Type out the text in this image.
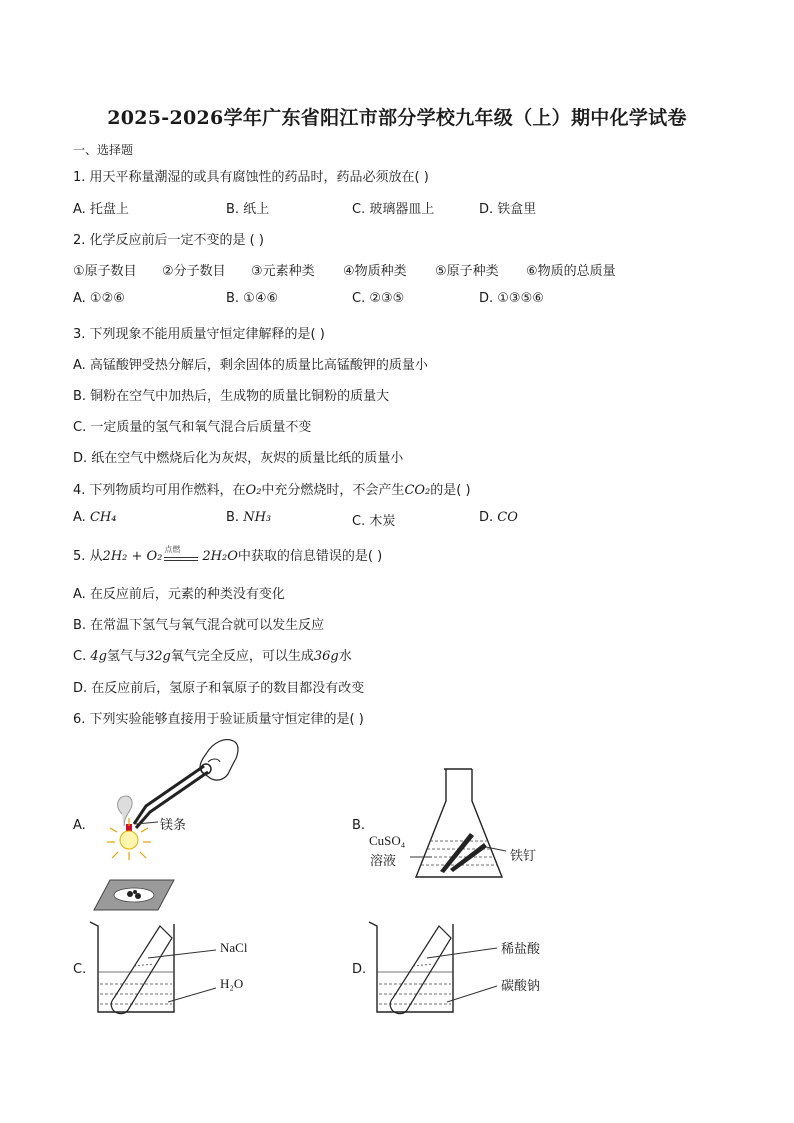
2025-2026学年广东省阳江市部分学校九年级（上）期中化学试卷
一、选择题
1. 用天平称量潮湿的或具有腐蚀性的药品时，药品必须放在( )
A. 托盘上	B. 纸上	C. 玻璃器皿上	D. 铁盒里
2. 化学反应前后一定不变的是 ( )
①原子数目 ②分子数目 ③元素种类 ④物质种类 ⑤原子种类 ⑥物质的总质量
A. ①②⑥	B. ①④⑥	C. ②③⑤	D. ①③⑤⑥
3. 下列现象不能用质量守恒定律解释的是( )
A. 高锰酸钾受热分解后，剩余固体的质量比高锰酸钾的质量小
B. 铜粉在空气中加热后，生成物的质量比铜粉的质量大
C. 一定质量的氢气和氧气混合后质量不变
D. 纸在空气中燃烧后化为灰烬，灰烬的质量比纸的质量小
4. 下列物质均可用作燃料，在O₂中充分燃烧时，不会产生CO₂的是( )
A. CH₄	B. NH₃	C. 木炭	D. CO
5. 从2H₂ + O₂ 点燃 2H₂O中获取的信息错误的是( )
A. 在反应前后，元素的种类没有变化
B. 在常温下氢气与氧气混合就可以发生反应
C. 4g氢气与32g氧气完全反应，可以生成36g水
D. 在反应前后，氢原子和氧原子的数目都没有改变
6. 下列实验能够直接用于验证质量守恒定律的是( )
A.	镁条	B.
CuSO₄
溶液	铁钉
C.
NaCl
H₂O
D.
稀盐酸
碳酸钠
